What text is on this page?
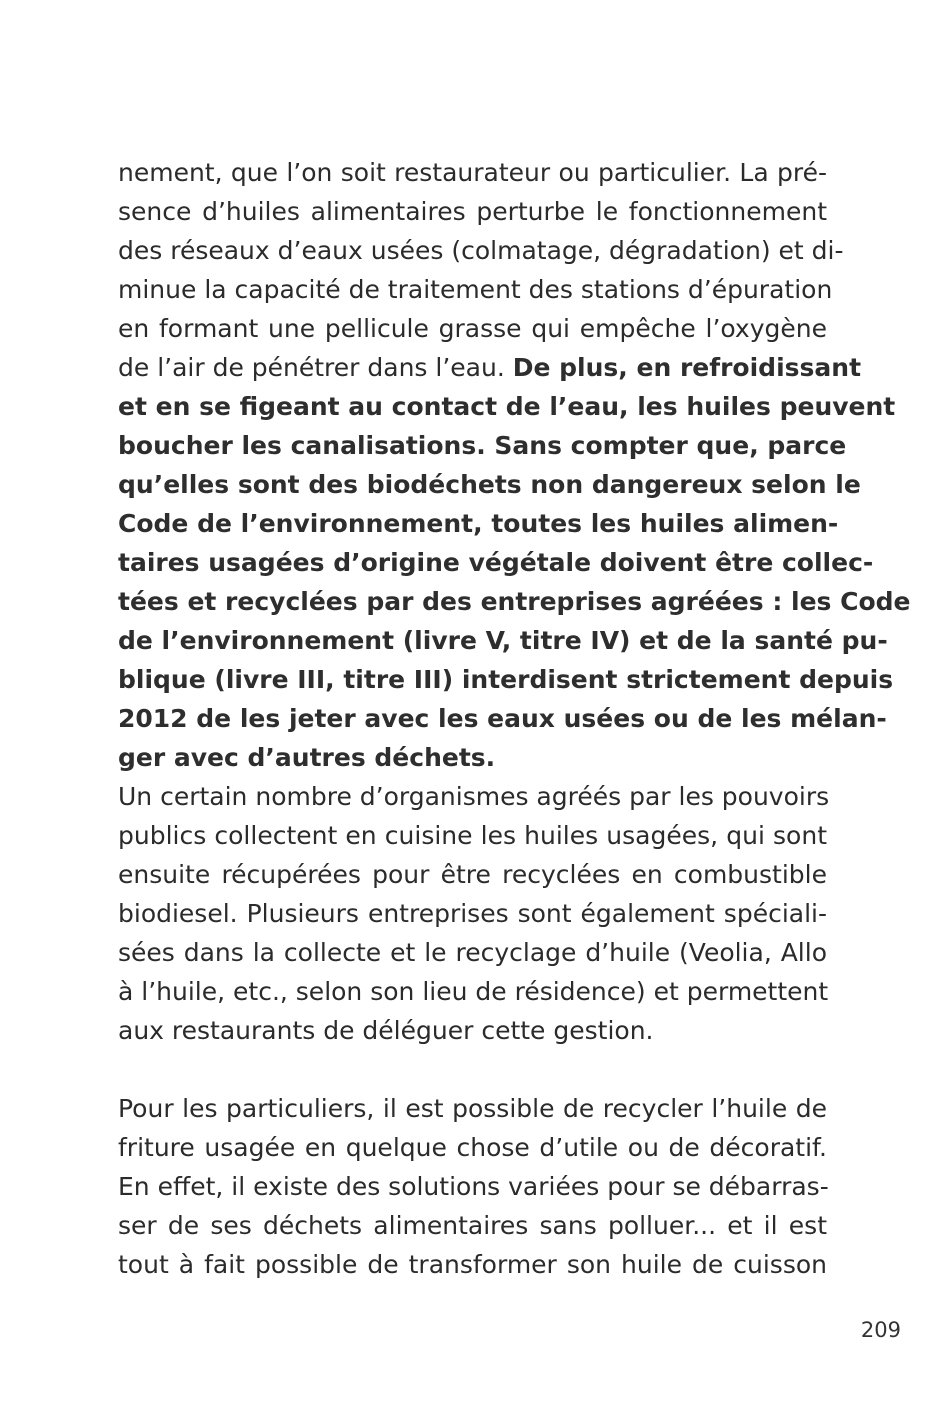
nement, que l’on soit restaurateur ou particulier. La pré-
sence d’huiles alimentaires perturbe le fonctionnement
des réseaux d’eaux usées (colmatage, dégradation) et di-
minue la capacité de traitement des stations d’épuration
en formant une pellicule grasse qui empêche l’oxygène
de l’air de pénétrer dans l’eau. De plus, en refroidissant
et en se figeant au contact de l’eau, les huiles peuvent
boucher les canalisations. Sans compter que, parce
qu’elles sont des biodéchets non dangereux selon le
Code de l’environnement, toutes les huiles alimen-
taires usagées d’origine végétale doivent être collec-
tées et recyclées par des entreprises agréées : les Code
de l’environnement (livre V, titre IV) et de la santé pu-
blique (livre III, titre III) interdisent strictement depuis
2012 de les jeter avec les eaux usées ou de les mélan-
ger avec d’autres déchets.
Un certain nombre d’organismes agréés par les pouvoirs
publics collectent en cuisine les huiles usagées, qui sont
ensuite récupérées pour être recyclées en combustible
biodiesel. Plusieurs entreprises sont également spéciali-
sées dans la collecte et le recyclage d’huile (Veolia, Allo
à l’huile, etc., selon son lieu de résidence) et permettent
aux restaurants de déléguer cette gestion.
Pour les particuliers, il est possible de recycler l’huile de
friture usagée en quelque chose d’utile ou de décoratif.
En effet, il existe des solutions variées pour se débarras-
ser de ses déchets alimentaires sans polluer... et il est
tout à fait possible de transformer son huile de cuisson
209
